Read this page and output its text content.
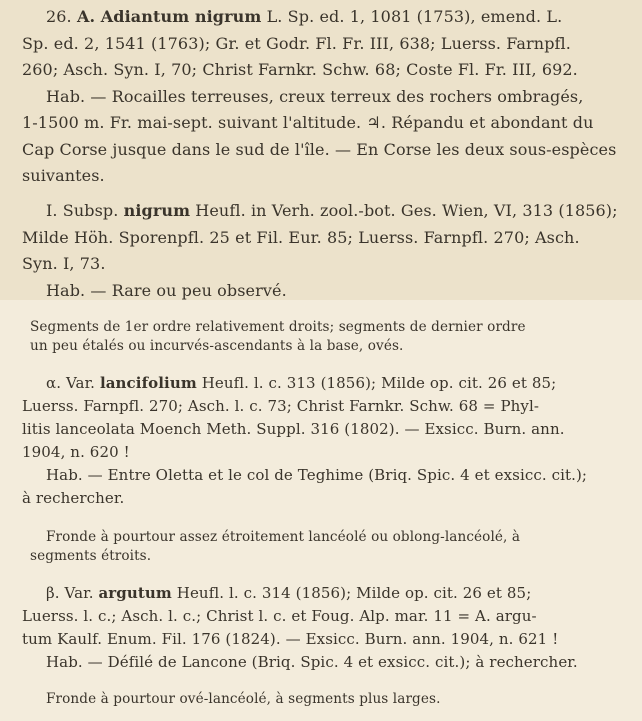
26. A. Adiantum nigrum L. Sp. ed. 1, 1081 (1753), emend. L.
Sp. ed. 2, 1541 (1763); Gr. et Godr. Fl. Fr. III, 638; Luerss. Farnpfl.
260; Asch. Syn. I, 70; Christ Farnkr. Schw. 68; Coste Fl. Fr. III, 692.
Hab. — Rocailles terreuses, creux terreux des rochers ombragés,
1-1500 m. Fr. mai-sept. suivant l'altitude. ♃. Répandu et abondant du
Cap Corse jusque dans le sud de l'île. — En Corse les deux sous-espèces
suivantes.
I. Subsp. nigrum Heufl. in Verh. zool.-bot. Ges. Wien, VI, 313 (1856);
Milde Höh. Sporenpfl. 25 et Fil. Eur. 85; Luerss. Farnpfl. 270; Asch.
Syn. I, 73.
Hab. — Rare ou peu observé.
Segments de 1er ordre relativement droits; segments de dernier ordre
un peu étalés ou incurvés-ascendants à la base, ovés.
α. Var. lancifolium Heufl. l. c. 313 (1856); Milde op. cit. 26 et 85;
Luerss. Farnpfl. 270; Asch. l. c. 73; Christ Farnkr. Schw. 68 = Phyl-
litis lanceolata Moench Meth. Suppl. 316 (1802). — Exsicc. Burn. ann.
1904, n. 620 !
Hab. — Entre Oletta et le col de Teghime (Briq. Spic. 4 et exsicc. cit.);
à rechercher.
Fronde à pourtour assez étroitement lancéolé ou oblong-lancéolé, à
segments étroits.
β. Var. argutum Heufl. l. c. 314 (1856); Milde op. cit. 26 et 85;
Luerss. l. c.; Asch. l. c.; Christ l. c. et Foug. Alp. mar. 11 = A. argu-
tum Kaulf. Enum. Fil. 176 (1824). — Exsicc. Burn. ann. 1904, n. 621 !
Hab. — Défilé de Lancone (Briq. Spic. 4 et exsicc. cit.); à rechercher.
Fronde à pourtour ové-lancéolé, à segments plus larges.
